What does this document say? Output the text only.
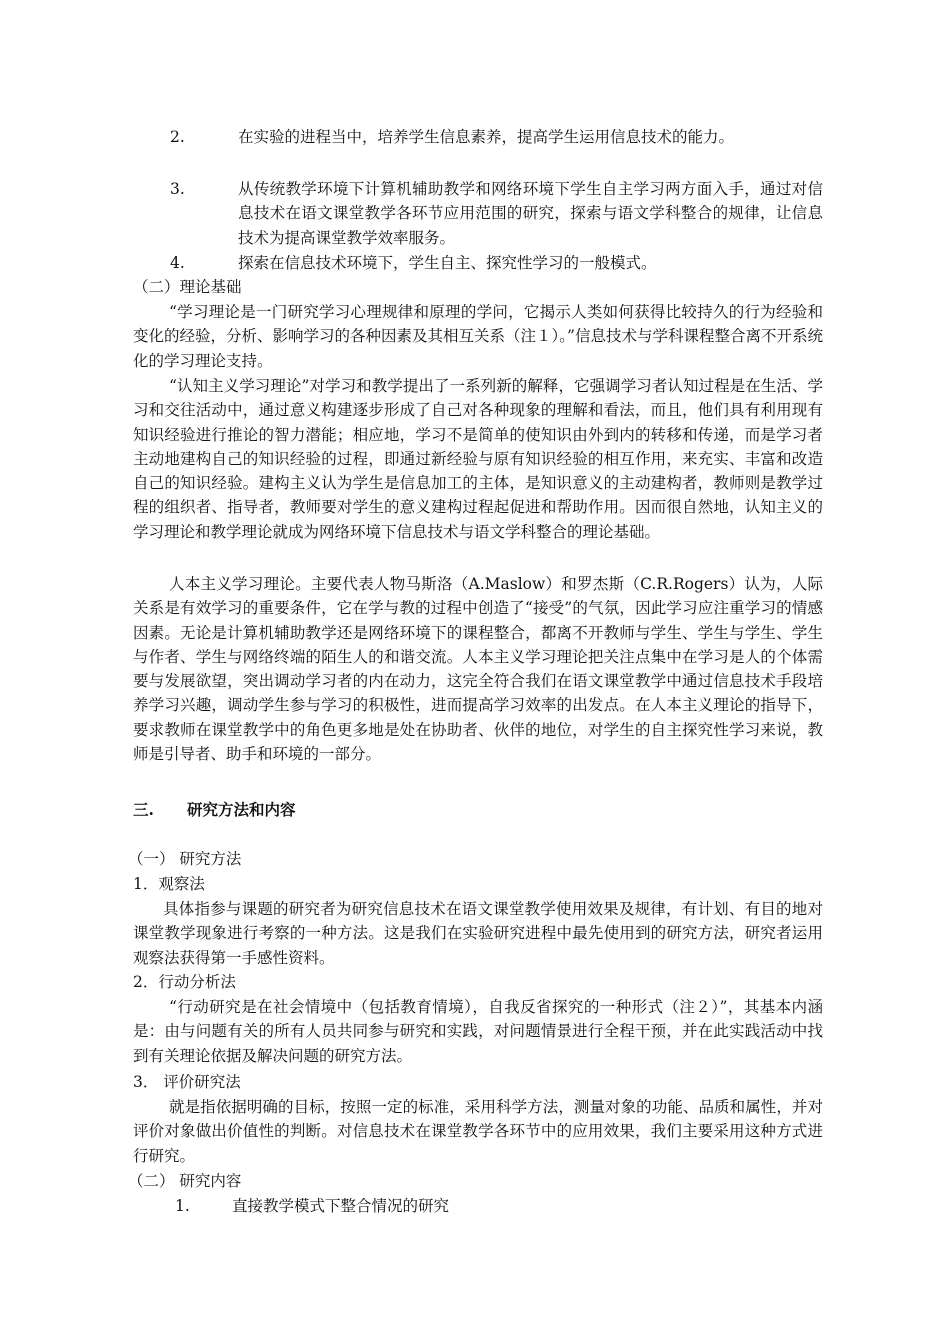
2.	在实验的进程当中，培养学生信息素养，提高学生运用信息技术的能力。
3.	从传统教学环境下计算机辅助教学和网络环境下学生自主学习两方面入手，通过对信息技术在语文课堂教学各环节应用范围的研究，探索与语文学科整合的规律，让信息技术为提高课堂教学效率服务。
4.	探索在信息技术环境下，学生自主、探究性学习的一般模式。
（二）理论基础
“学习理论是一门研究学习心理规律和原理的学问，它揭示人类如何获得比较持久的行为经验和变化的经验，分析、影响学习的各种因素及其相互关系（注１）。”信息技术与学科课程整合离不开系统化的学习理论支持。
“认知主义学习理论”对学习和教学提出了一系列新的解释，它强调学习者认知过程是在生活、学习和交往活动中，通过意义构建逐步形成了自己对各种现象的理解和看法，而且，他们具有利用现有知识经验进行推论的智力潜能；相应地，学习不是简单的使知识由外到内的转移和传递，而是学习者主动地建构自己的知识经验的过程，即通过新经验与原有知识经验的相互作用，来充实、丰富和改造自己的知识经验。建构主义认为学生是信息加工的主体，是知识意义的主动建构者，教师则是教学过程的组织者、指导者，教师要对学生的意义建构过程起促进和帮助作用。因而很自然地，认知主义的学习理论和教学理论就成为网络环境下信息技术与语文学科整合的理论基础。
人本主义学习理论。主要代表人物马斯洛（A.Maslow）和罗杰斯（C.R.Rogers）认为，人际关系是有效学习的重要条件，它在学与教的过程中创造了“接受”的气氛，因此学习应注重学习的情感因素。无论是计算机辅助教学还是网络环境下的课程整合，都离不开教师与学生、学生与学生、学生与作者、学生与网络终端的陌生人的和谐交流。人本主义学习理论把关注点集中在学习是人的个体需要与发展欲望，突出调动学习者的内在动力，这完全符合我们在语文课堂教学中通过信息技术手段培养学习兴趣，调动学生参与学习的积极性，进而提高学习效率的出发点。在人本主义理论的指导下，要求教师在课堂教学中的角色更多地是处在协助者、伙伴的地位，对学生的自主探究性学习来说，教师是引导者、助手和环境的一部分。
三. 研究方法和内容
（一） 研究方法
1．观察法
具体指参与课题的研究者为研究信息技术在语文课堂教学使用效果及规律，有计划、有目的地对课堂教学现象进行考察的一种方法。这是我们在实验研究进程中最先使用到的研究方法，研究者运用观察法获得第一手感性资料。
2．行动分析法
“行动研究是在社会情境中（包括教育情境），自我反省探究的一种形式（注２）”，其基本内涵是：由与问题有关的所有人员共同参与研究和实践，对问题情景进行全程干预，并在此实践活动中找到有关理论依据及解决问题的研究方法。
3． 评价研究法
就是指依据明确的目标，按照一定的标准，采用科学方法，测量对象的功能、品质和属性，并对评价对象做出价值性的判断。对信息技术在课堂教学各环节中的应用效果，我们主要采用这种方式进行研究。
（二） 研究内容
1.	直接教学模式下整合情况的研究
